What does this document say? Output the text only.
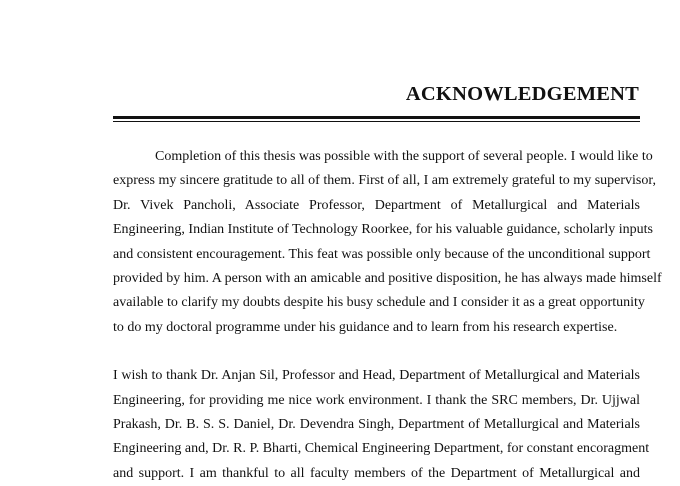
ACKNOWLEDGEMENT

Completion of this thesis was possible with the support of several people. I would like to
express my sincere gratitude to all of them. First of all, I am extremely grateful to my supervisor,
Dr. Vivek Pancholi, Associate Professor, Department of Metallurgical and Materials
Engineering, Indian Institute of Technology Roorkee, for his valuable guidance, scholarly inputs
and consistent encouragement. This feat was possible only because of the unconditional support
provided by him. A person with an amicable and positive disposition, he has always made himself
available to clarify my doubts despite his busy schedule and I consider it as a great opportunity
to do my doctoral programme under his guidance and to learn from his research expertise.

I wish to thank Dr. Anjan Sil, Professor and Head, Department of Metallurgical and Materials
Engineering, for providing me nice work environment. I thank the SRC members, Dr. Ujjwal
Prakash, Dr. B. S. S. Daniel, Dr. Devendra Singh, Department of Metallurgical and Materials
Engineering and, Dr. R. P. Bharti, Chemical Engineering Department, for constant encoragment
and support. I am thankful to all faculty members of the Department of Metallurgical and
